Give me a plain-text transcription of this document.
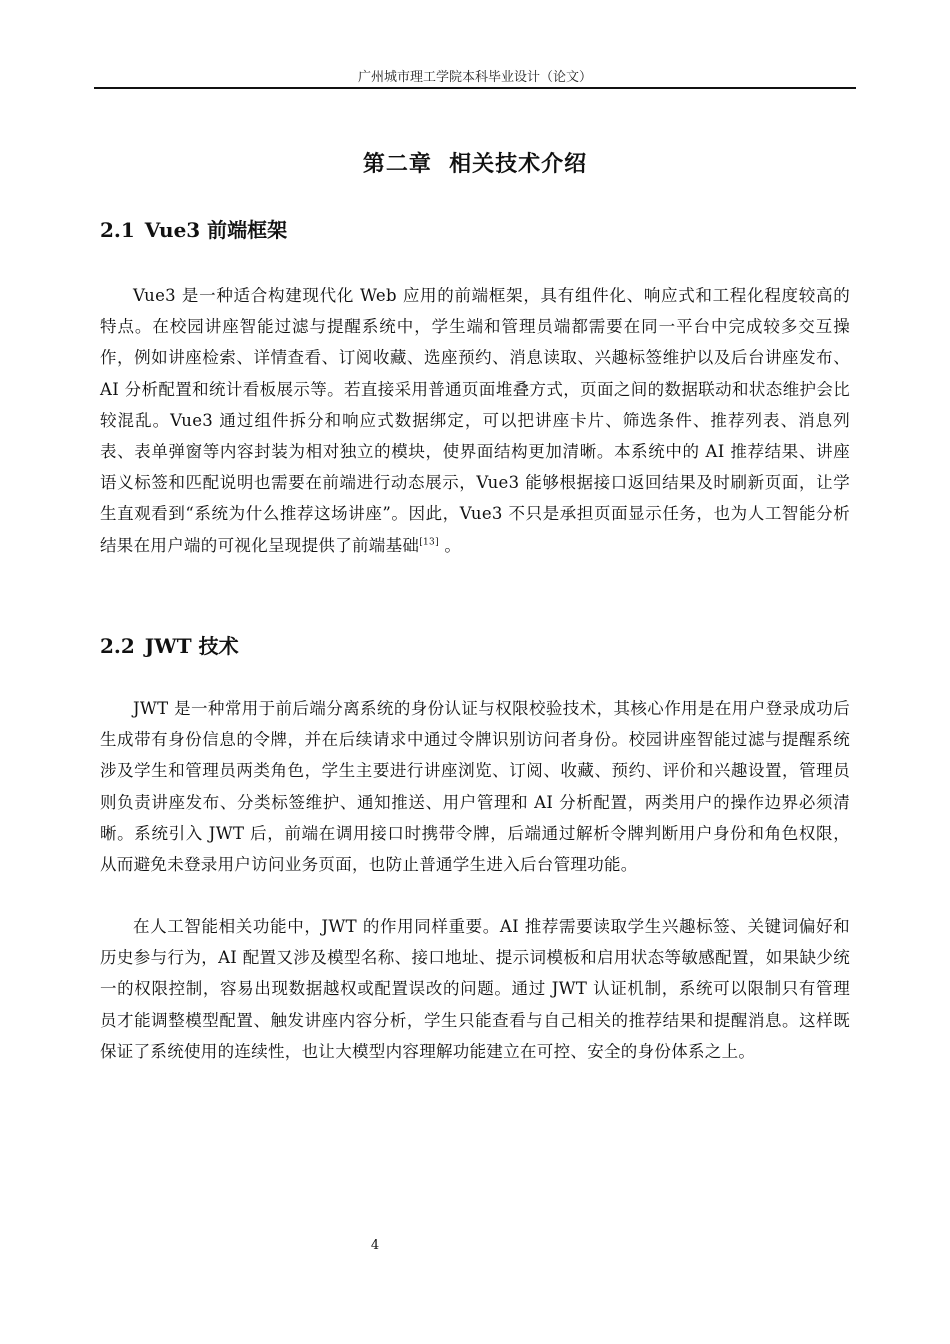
广州城市理工学院本科毕业设计（论文）
第二章  相关技术介绍
2.1 Vue3 前端框架

Vue3 是一种适合构建现代化 Web 应用的前端框架，具有组件化、响应式和工程化程度较高的特点。在校园讲座智能过滤与提醒系统中，学生端和管理员端都需要在同一平台中完成较多交互操作，例如讲座检索、详情查看、订阅收藏、选座预约、消息读取、兴趣标签维护以及后台讲座发布、AI 分析配置和统计看板展示等。若直接采用普通页面堆叠方式，页面之间的数据联动和状态维护会比较混乱。Vue3 通过组件拆分和响应式数据绑定，可以把讲座卡片、筛选条件、推荐列表、消息列表、表单弹窗等内容封装为相对独立的模块，使界面结构更加清晰。本系统中的 AI 推荐结果、讲座语义标签和匹配说明也需要在前端进行动态展示，Vue3 能够根据接口返回结果及时刷新页面，让学生直观看到“系统为什么推荐这场讲座”。因此，Vue3 不只是承担页面显示任务，也为人工智能分析结果在用户端的可视化呈现提供了前端基础[13] 。

2.2 JWT 技术

JWT 是一种常用于前后端分离系统的身份认证与权限校验技术，其核心作用是在用户登录成功后生成带有身份信息的令牌，并在后续请求中通过令牌识别访问者身份。校园讲座智能过滤与提醒系统涉及学生和管理员两类角色，学生主要进行讲座浏览、订阅、收藏、预约、评价和兴趣设置，管理员则负责讲座发布、分类标签维护、通知推送、用户管理和 AI 分析配置，两类用户的操作边界必须清晰。系统引入 JWT 后，前端在调用接口时携带令牌，后端通过解析令牌判断用户身份和角色权限，从而避免未登录用户访问业务页面，也防止普通学生进入后台管理功能。

在人工智能相关功能中，JWT 的作用同样重要。AI 推荐需要读取学生兴趣标签、关键词偏好和历史参与行为，AI 配置又涉及模型名称、接口地址、提示词模板和启用状态等敏感配置，如果缺少统一的权限控制，容易出现数据越权或配置误改的问题。通过 JWT 认证机制，系统可以限制只有管理员才能调整模型配置、触发讲座内容分析，学生只能查看与自己相关的推荐结果和提醒消息。这样既保证了系统使用的连续性，也让大模型内容理解功能建立在可控、安全的身份体系之上。

4
